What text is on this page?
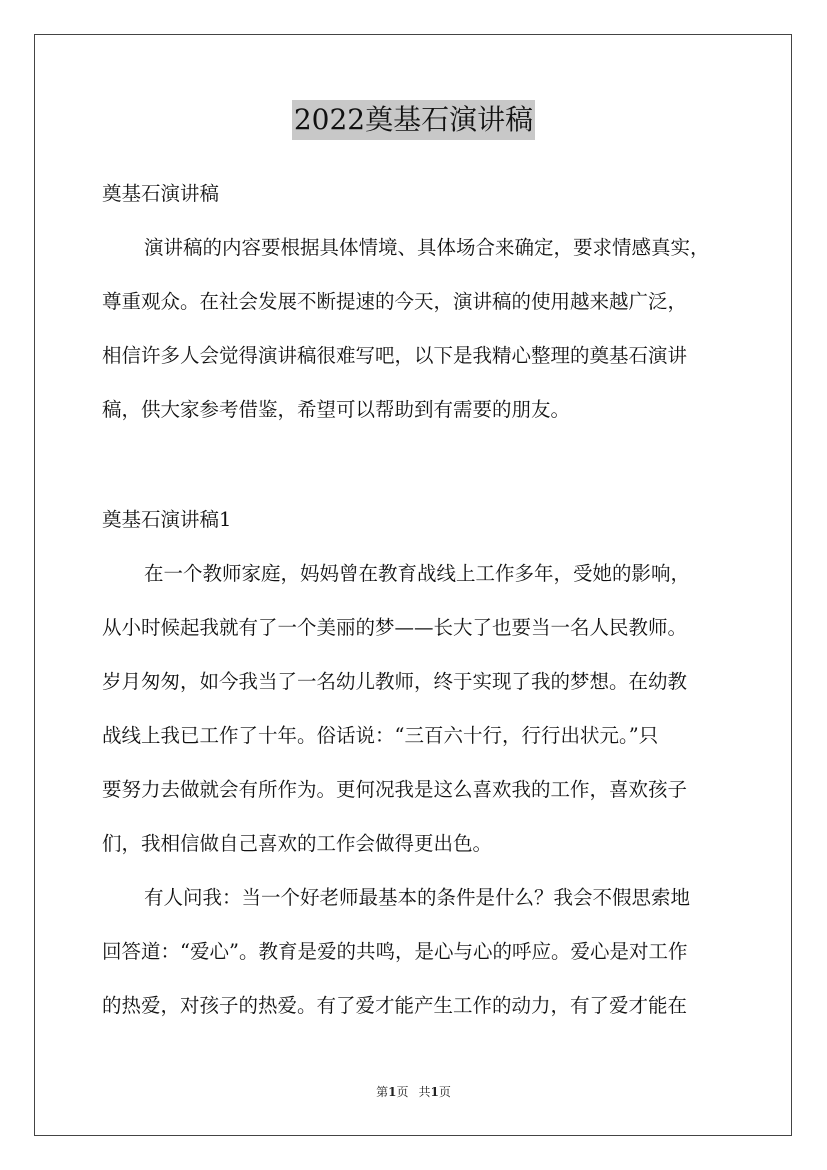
2022奠基石演讲稿
奠基石演讲稿
演讲稿的内容要根据具体情境、具体场合来确定，要求情感真实，
尊重观众。在社会发展不断提速的今天，演讲稿的使用越来越广泛，
相信许多人会觉得演讲稿很难写吧，以下是我精心整理的奠基石演讲
稿，供大家参考借鉴，希望可以帮助到有需要的朋友。
奠基石演讲稿1
在一个教师家庭，妈妈曾在教育战线上工作多年，受她的影响，
从小时候起我就有了一个美丽的梦——长大了也要当一名人民教师。
岁月匆匆，如今我当了一名幼儿教师，终于实现了我的梦想。在幼教
战线上我已工作了十年。俗话说：“三百六十行，行行出状元。”只
要努力去做就会有所作为。更何况我是这么喜欢我的工作，喜欢孩子
们，我相信做自己喜欢的工作会做得更出色。
有人问我：当一个好老师最基本的条件是什么？我会不假思索地
回答道：“爱心”。教育是爱的共鸣，是心与心的呼应。爱心是对工作
的热爱，对孩子的热爱。有了爱才能产生工作的动力，有了爱才能在
第1页 共1页
